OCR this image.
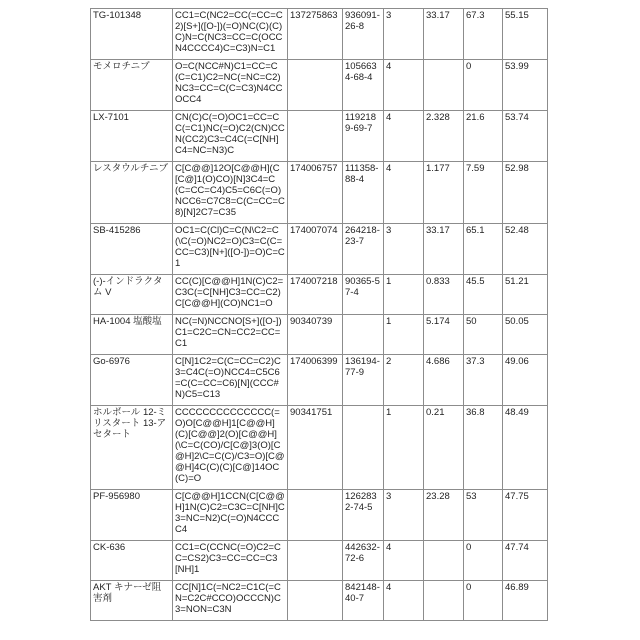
TG-101348	CC1=C(NC2=CC(=CC=C2)[S+]([O-])(=O)NC(C)(C)C)N=C(NC3=CC=C(OCCN4CCCC4)C=C3)N=C1	137275863	936091-26-8	3	33.17	67.3	55.15
モメロチニブ	O=C(NCC#N)C1=CC=C(C=C1)C2=NC(=NC=C2)NC3=CC=C(C=C3)N4CCOCC4		1056634-68-4	4		0	53.99
LX-7101	CN(C)C(=O)OC1=CC=CC(=C1)NC(=O)C2(CN)CCN(CC2)C3=C4C(=C[NH]C4=NC=N3)C		1192189-69-7	4	2.328	21.6	53.74
レスタウルチニブ	C[C@@]12O[C@@H](C[C@]1(O)CO)[N]3C4=C(C=CC=C4)C5=C6C(=O)NCC6=C7C8=C(C=CC=C8)[N]2C7=C35	174006757	111358-88-4	4	1.177	7.59	52.98
SB-415286	OC1=C(Cl)C=C(N\C2=C(\C(=O)NC2=O)C3=C(C=CC=C3)[N+]([O-])=O)C=C1	174007074	264218-23-7	3	33.17	65.1	52.48
(-)-インドラクタム V	CC(C)[C@@H]1N(C)C2=C3C(=C[NH]C3=CC=C2)C[C@@H](CO)NC1=O	174007218	90365-57-4	1	0.833	45.5	51.21
HA-1004 塩酸塩	NC(=N)NCCNO[S+]([O-])C1=C2C=CN=CC2=CC=C1	90340739		1	5.174	50	50.05
Go-6976	C[N]1C2=C(C=CC=C2)C3=C4C(=O)NCC4=C5C6=C(C=CC=C6)[N](CCC#N)C5=C13	174006399	136194-77-9	2	4.686	37.3	49.06
ホルボール 12-ミリスタート 13-アセタート	CCCCCCCCCCCCCC(=O)O[C@@H]1[C@@H](C)[C@@]2(O)[C@@H](\C=C(CO)/C[C@]3(O)[C@H]2\C=C(C)/C3=O)[C@@H]4C(C)(C)[C@]14OC(C)=O	90341751		1	0.21	36.8	48.49
PF-956980	C[C@@H]1CCN(C[C@@H]1N(C)C2=C3C=C[NH]C3=NC=N2)C(=O)N4CCCC4		1262832-74-5	3	23.28	53	47.75
CK-636	CC1=C(CCNC(=O)C2=CC=CS2)C3=CC=CC=C3[NH]1		442632-72-6	4		0	47.74
AKT キナーゼ阻害剤	CC[N]1C(=NC2=C1C(=CN=C2C#CCO)OCCCN)C3=NON=C3N		842148-40-7	4		0	46.89
